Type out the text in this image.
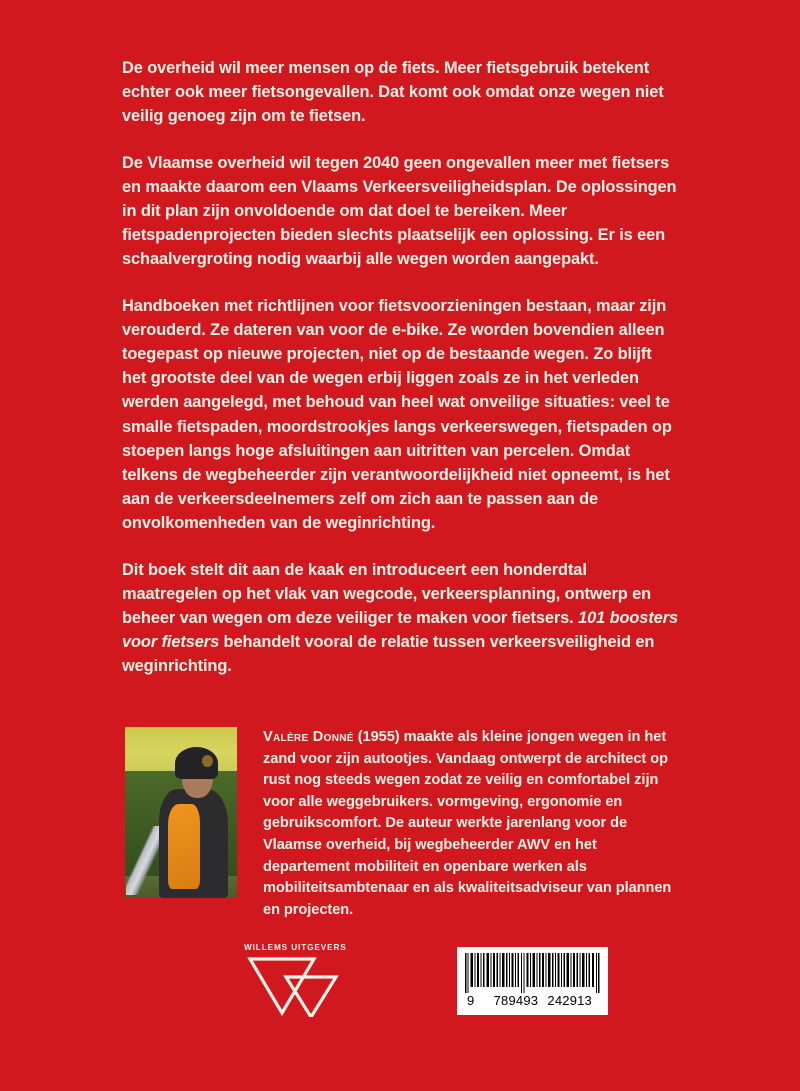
De overheid wil meer mensen op de fiets. Meer fietsgebruik betekent echter ook meer fietsongevallen. Dat komt ook omdat onze wegen niet veilig genoeg zijn om te fietsen.

De Vlaamse overheid wil tegen 2040 geen ongevallen meer met fietsers en maakte daarom een Vlaams Verkeersveiligheidsplan. De oplossingen in dit plan zijn onvoldoende om dat doel te bereiken. Meer fietspadenprojecten bieden slechts plaatselijk een oplossing. Er is een schaalvergroting nodig waarbij alle wegen worden aangepakt.

Handboeken met richtlijnen voor fietsvoorzieningen bestaan, maar zijn verouderd. Ze dateren van voor de e-bike. Ze worden bovendien alleen toegepast op nieuwe projecten, niet op de bestaande wegen. Zo blijft het grootste deel van de wegen erbij liggen zoals ze in het verleden werden aangelegd, met behoud van heel wat onveilige situaties: veel te smalle fietspaden, moordstrookjes langs verkeerswegen, fietspaden op stoepen langs hoge afsluitingen aan uitritten van percelen. Omdat telkens de wegbeheerder zijn verantwoordelijkheid niet opneemt, is het aan de verkeersdeelnemers zelf om zich aan te passen aan de onvolkomenheden van de weginrichting.

Dit boek stelt dit aan de kaak en introduceert een honderdtal maatregelen op het vlak van wegcode, verkeersplanning, ontwerp en beheer van wegen om deze veiliger te maken voor fietsers. 101 boosters voor fietsers behandelt vooral de relatie tussen verkeersveiligheid en weginrichting.

Valère Donné (1955) maakte als kleine jongen wegen in het zand voor zijn autootjes. Vandaag ontwerpt de architect op rust nog steeds wegen zodat ze veilig en comfortabel zijn voor alle weggebruikers. vormgeving, ergonomie en gebruikscomfort. De auteur werkte jarenlang voor de Vlaamse overheid, bij wegbeheerder AWV en het departement mobiliteit en openbare werken als mobiliteitsambtenaar en als kwaliteitsadviseur van plannen en projecten.
WILLEMS UITGEVERS
9 789493 242913
